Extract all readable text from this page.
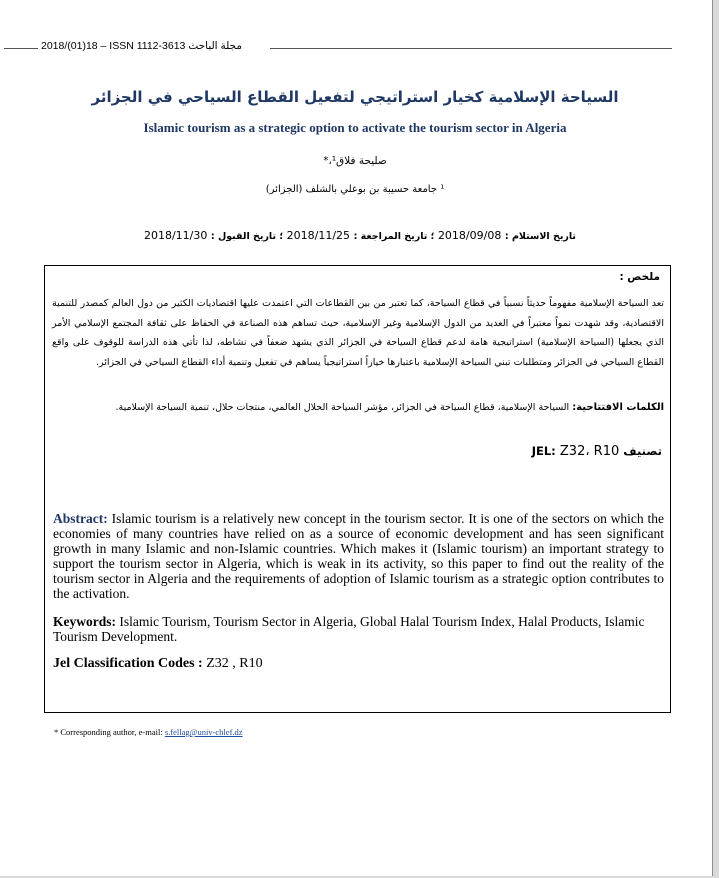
2018/(01)18 – ISSN 1112-3613 مجلة الباحث
السياحة الإسلامية كخيار استراتيجي لتفعيل القطاع السياحي في الجزائر
Islamic tourism as a strategic option to activate the tourism sector in Algeria
صليحة فلاق¹،*
¹ جامعة حسيبة بن بوعلي بالشلف (الجزائر)
تاريخ الاستلام : 2018/09/08 ؛ تاريخ المراجعة : 2018/11/25 ؛ تاريخ القبول : 2018/11/30
ملخص :
تعد السياحة الإسلامية مفهوماً حديثاً نسبياً في قطاع السياحة، كما تعتبر من بين القطاعات التي اعتمدت عليها اقتصاديات الكثير من دول العالم كمصدر للتنمية الاقتصادية، وقد شهدت نمواً معتبراً في العديد من الدول الإسلامية وغير الإسلامية، حيث تساهم هذه الصناعة في الحفاظ على ثقافة المجتمع الإسلامي الأمر الذي يجعلها (السياحة الإسلامية) استراتيجية هامة لدعم قطاع السياحة في الجزائر الذي يشهد ضعفاً في نشاطه، لذا تأتي هذه الدراسة للوقوف على واقع القطاع السياحي في الجزائر ومتطلبات تبني السياحة الإسلامية باعتبارها خياراً استراتيجياً يساهم في تفعيل وتنمية أداء القطاع السياحي في الجزائر.
الكلمات الافتتاحية: السياحة الإسلامية، قطاع السياحة في الجزائر، مؤشر السياحة الحلال العالمي، منتجات حلال، تنمية السياحة الإسلامية.
تصنيف JEL: Z32، R10
Abstract: Islamic tourism is a relatively new concept in the tourism sector. It is one of the sectors on which the economies of many countries have relied on as a source of economic development and has seen significant growth in many Islamic and non-Islamic countries. Which makes it (Islamic tourism) an important strategy to support the tourism sector in Algeria, which is weak in its activity, so this paper to find out the reality of the tourism sector in Algeria and the requirements of adoption of Islamic tourism as a strategic option contributes to the activation.
Keywords: Islamic Tourism, Tourism Sector in Algeria, Global Halal Tourism Index, Halal Products, Islamic Tourism Development.
Jel Classification Codes : Z32 , R10
* Corresponding author, e-mail: s.fellag@univ-chlef.dz
